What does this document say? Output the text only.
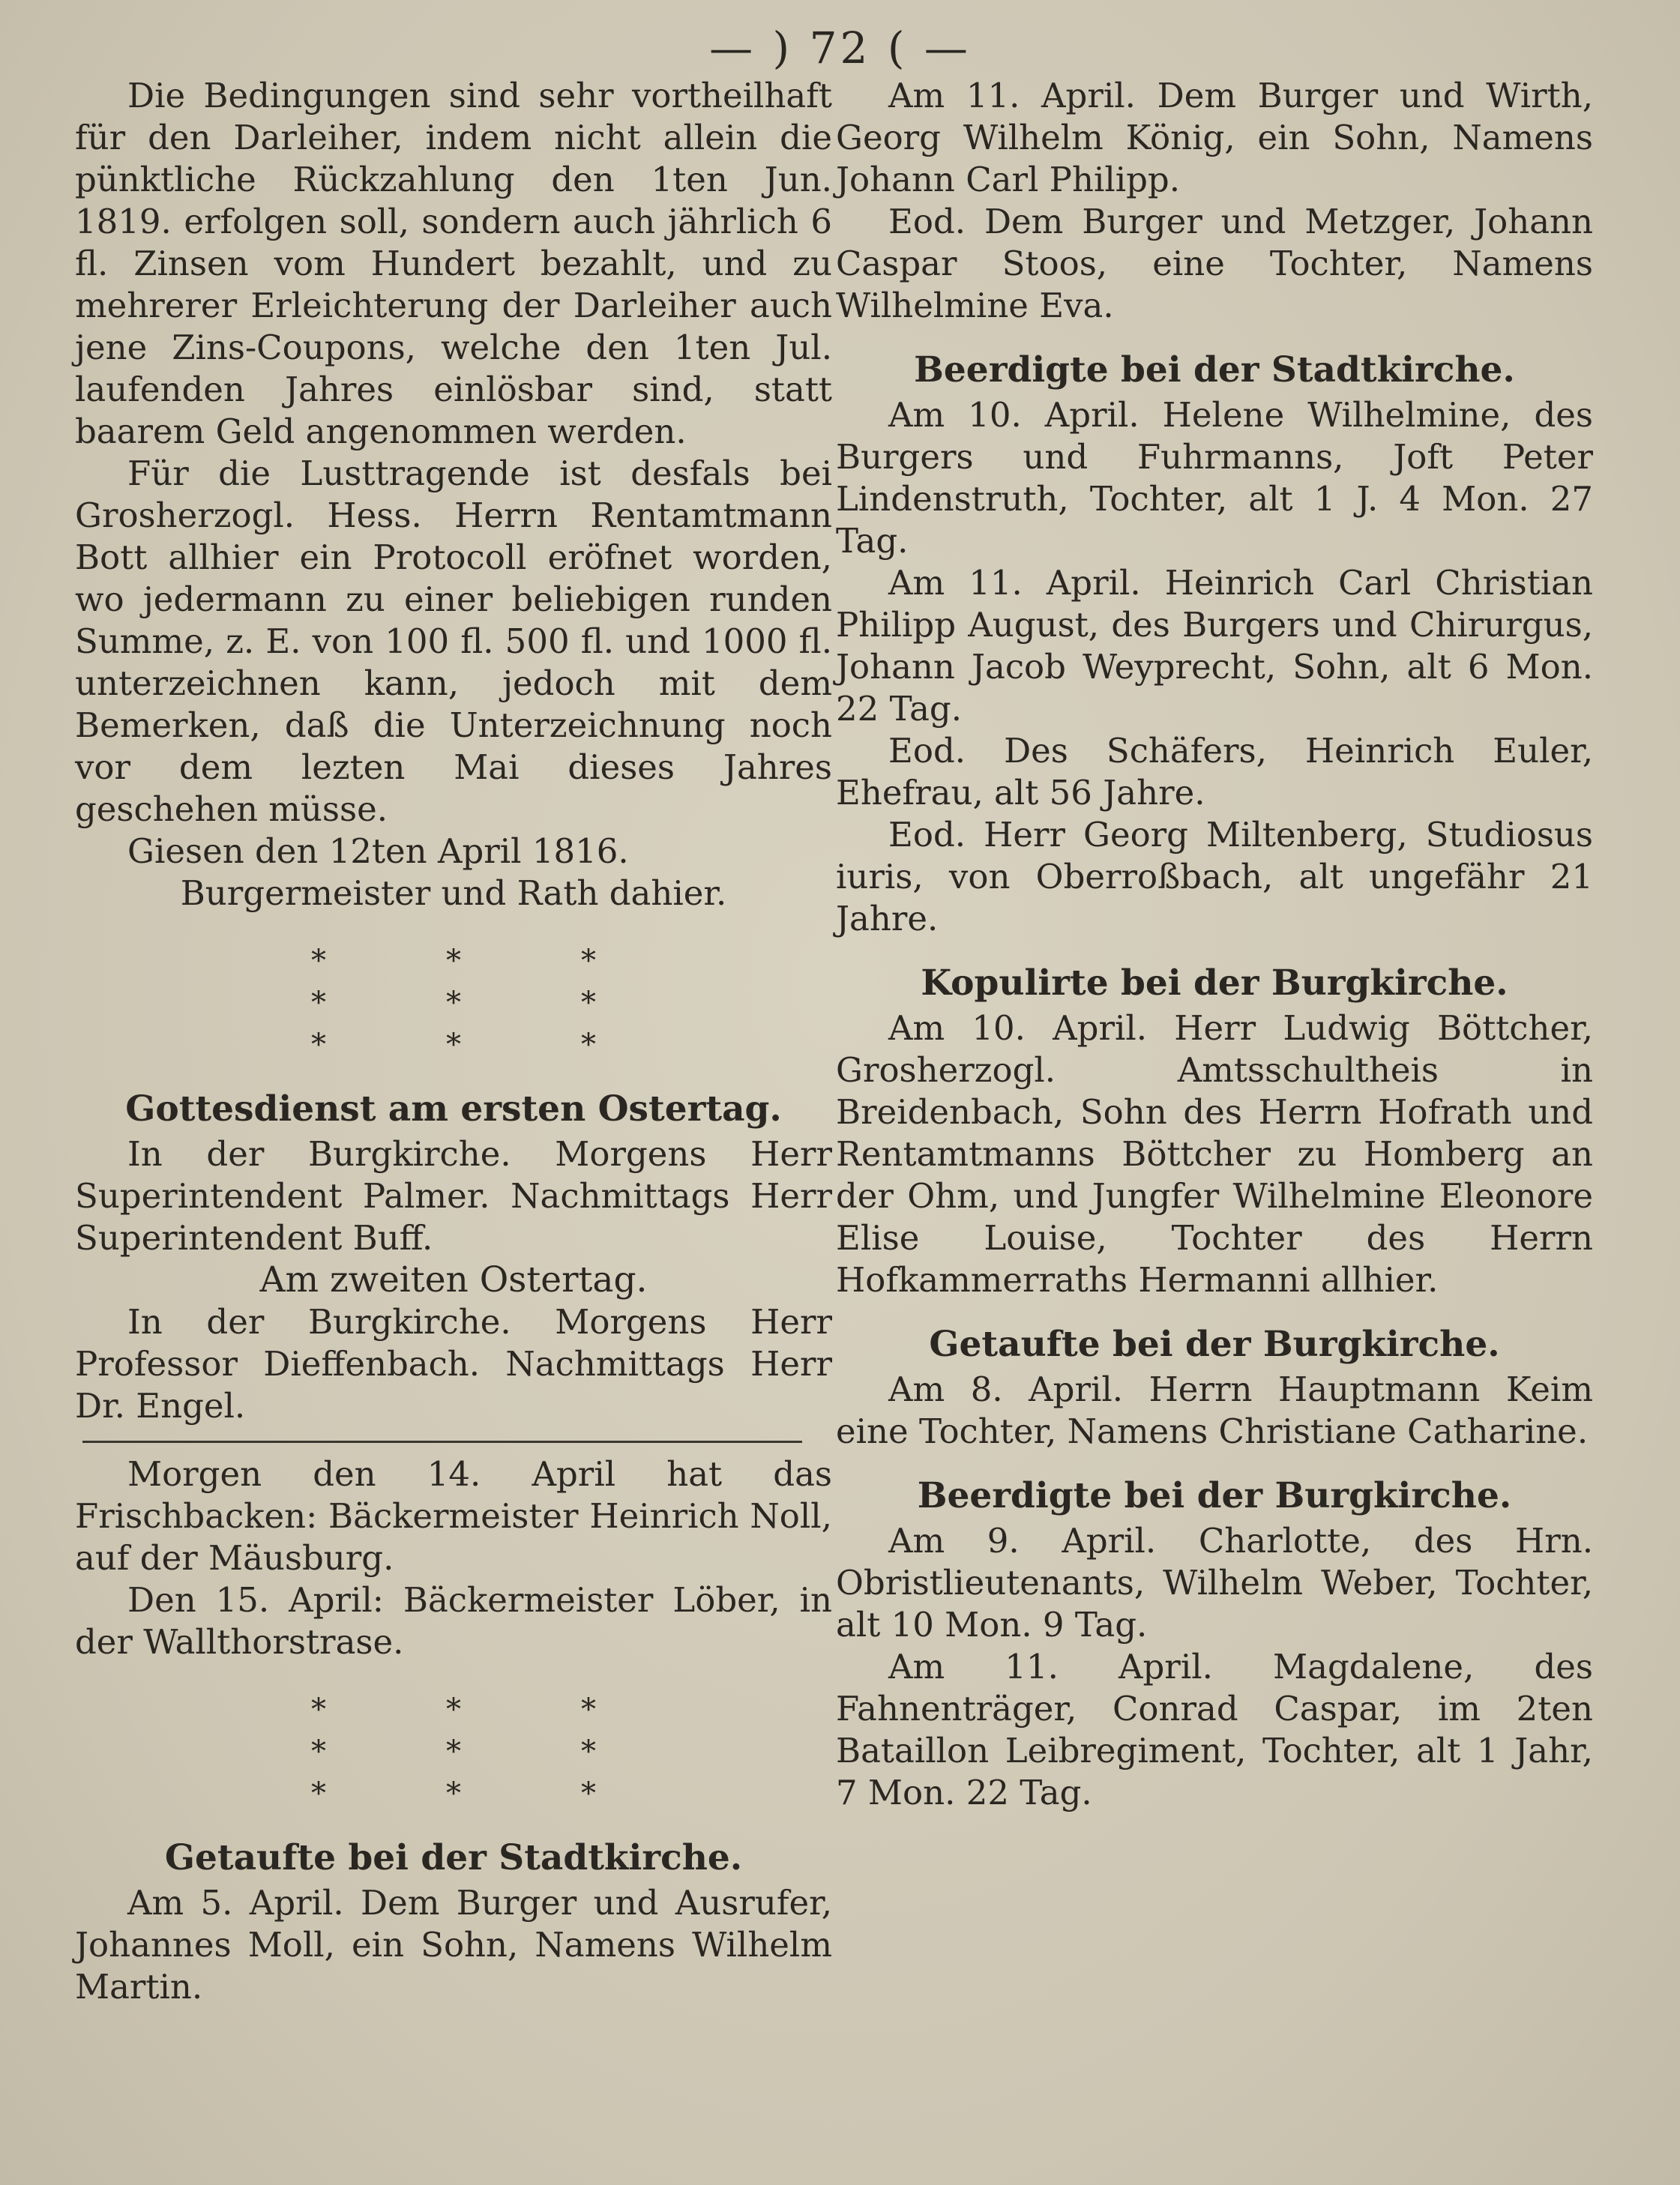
— ) 72 ( —

Die Bedingungen sind sehr vortheilhaft für den Darleiher, indem nicht allein die pünktliche Rückzahlung den 1ten Jun. 1819. erfolgen soll, sondern auch jährlich 6 fl. Zinsen vom Hundert bezahlt, und zu mehrerer Erleichterung der Darleiher auch jene Zins-Coupons, welche den 1ten Jul. laufenden Jahres einlösbar sind, statt baarem Geld angenommen werden.

Für die Lusttragende ist desfals bei Grosherzogl. Hess. Herrn Rentamtmann Bott allhier ein Protocoll eröfnet worden, wo jedermann zu einer beliebigen runden Summe, z. E. von 100 fl. 500 fl. und 1000 fl. unterzeichnen kann, jedoch mit dem Bemerken, daß die Unterzeichnung noch vor dem lezten Mai dieses Jahres geschehen müsse.

Giesen den 12ten April 1816.

Burgermeister und Rath dahier.

*** *** ***
Gottesdienst am ersten Ostertag.

In der Burgkirche. Morgens Herr Superintendent Palmer. Nachmittags Herr Superintendent Buff.

Am zweiten Ostertag.

In der Burgkirche. Morgens Herr Professor Dieffenbach. Nachmittags Herr Dr. Engel.

Morgen den 14. April hat das Frischbacken: Bäckermeister Heinrich Noll, auf der Mäusburg.

Den 15. April: Bäckermeister Löber, in der Wallthorstrase.

*** *** ***
Getaufte bei der Stadtkirche.

Am 5. April. Dem Burger und Ausrufer, Johannes Moll, ein Sohn, Namens Wilhelm Martin.

Am 11. April. Dem Burger und Wirth, Georg Wilhelm König, ein Sohn, Namens Johann Carl Philipp.

Eod. Dem Burger und Metzger, Johann Caspar Stoos, eine Tochter, Namens Wilhelmine Eva.

Beerdigte bei der Stadtkirche.

Am 10. April. Helene Wilhelmine, des Burgers und Fuhrmanns, Joft Peter Lindenstruth, Tochter, alt 1 J. 4 Mon. 27 Tag.

Am 11. April. Heinrich Carl Christian Philipp August, des Burgers und Chirurgus, Johann Jacob Weyprecht, Sohn, alt 6 Mon. 22 Tag.

Eod. Des Schäfers, Heinrich Euler, Ehefrau, alt 56 Jahre.

Eod. Herr Georg Miltenberg, Studiosus iuris, von Oberroßbach, alt ungefähr 21 Jahre.

Kopulirte bei der Burgkirche.

Am 10. April. Herr Ludwig Böttcher, Grosherzogl. Amtsschultheis in Breidenbach, Sohn des Herrn Hofrath und Rentamtmanns Böttcher zu Homberg an der Ohm, und Jungfer Wilhelmine Eleonore Elise Louise, Tochter des Herrn Hofkammerraths Hermanni allhier.

Getaufte bei der Burgkirche.

Am 8. April. Herrn Hauptmann Keim eine Tochter, Namens Christiane Catharine.

Beerdigte bei der Burgkirche.

Am 9. April. Charlotte, des Hrn. Obristlieutenants, Wilhelm Weber, Tochter, alt 10 Mon. 9 Tag.

Am 11. April. Magdalene, des Fahnenträger, Conrad Caspar, im 2ten Bataillon Leibregiment, Tochter, alt 1 Jahr, 7 Mon. 22 Tag.
